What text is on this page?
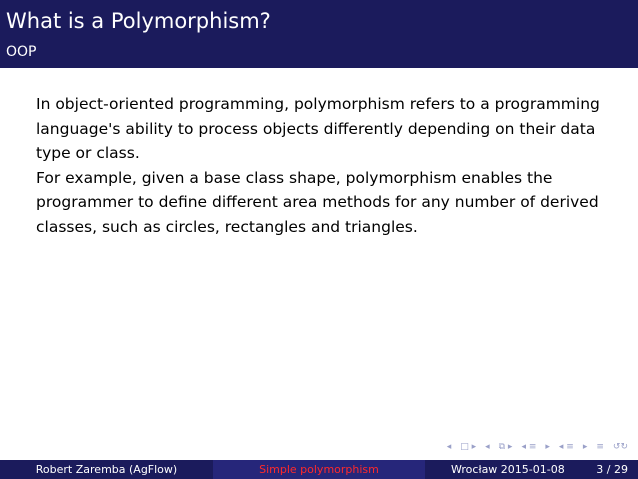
What is a Polymorphism?
OOP

In object-oriented programming, polymorphism refers to a programming language's ability to process objects differently depending on their data type or class.

For example, given a base class shape, polymorphism enables the programmer to define different area methods for any number of derived classes, such as circles, rectangles and triangles.

◂ □ ▸ ◂ ⧉ ▸ ◂ ≡ ▸ ◂ ≡ ▸ ≡ ↺↻
Robert Zaremba (AgFlow)	Simple polymorphism	Wrocław 2015-01-08	3 / 29
